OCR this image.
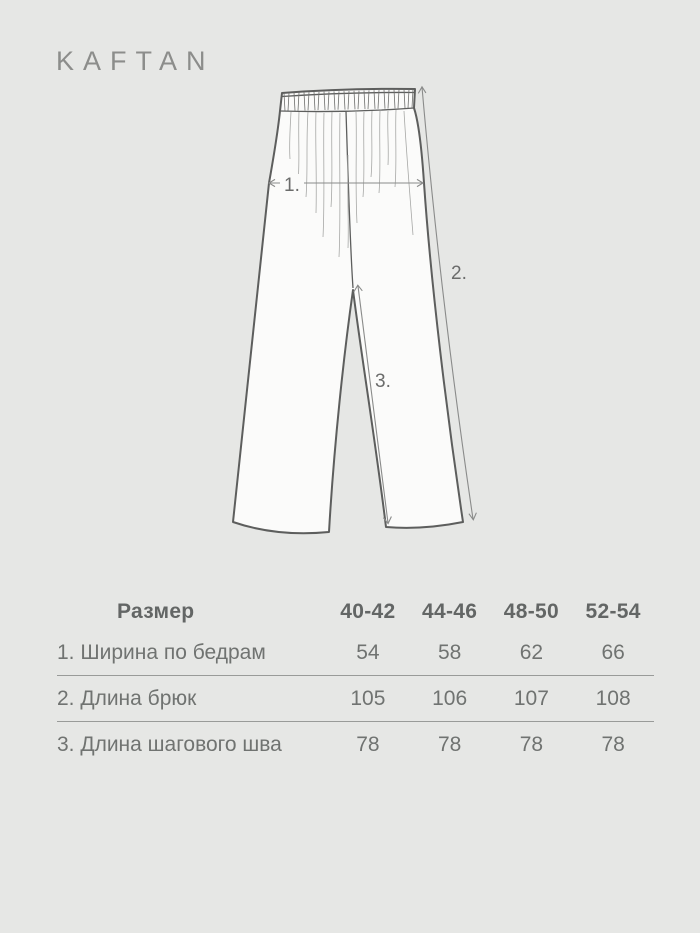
KAFTAN
1.
2.
3.
Размер	40-42	44-46	48-50	52-54
1. Ширина по бедрам	54	58	62	66
2. Длина брюк	105	106	107	108
3. Длина шагового шва	78	78	78	78
